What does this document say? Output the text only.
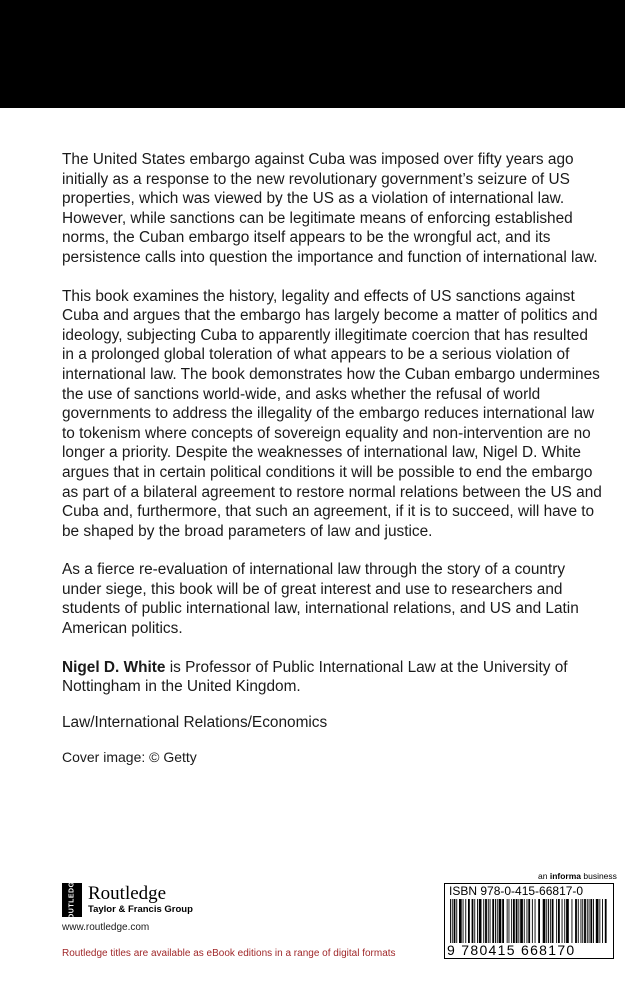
The United States embargo against Cuba was imposed over fifty years ago initially as a response to the new revolutionary government’s seizure of US properties, which was viewed by the US as a violation of international law. However, while sanctions can be legitimate means of enforcing established norms, the Cuban embargo itself appears to be the wrongful act, and its persistence calls into question the importance and function of international law.

This book examines the history, legality and effects of US sanctions against Cuba and argues that the embargo has largely become a matter of politics and ideology, subjecting Cuba to apparently illegitimate coercion that has resulted in a prolonged global toleration of what appears to be a serious violation of international law. The book demonstrates how the Cuban embargo undermines the use of sanctions world-wide, and asks whether the refusal of world governments to address the illegality of the embargo reduces international law to tokenism where concepts of sovereign equality and non-intervention are no longer a priority. Despite the weaknesses of international law, Nigel D. White argues that in certain political conditions it will be possible to end the embargo as part of a bilateral agreement to restore normal relations between the US and Cuba and, furthermore, that such an agreement, if it is to succeed, will have to be shaped by the broad parameters of law and justice.

As a fierce re-evaluation of international law through the story of a country under siege, this book will be of great interest and use to researchers and students of public international law, international relations, and US and Latin American politics.

Nigel D. White is Professor of Public International Law at the University of Nottingham in the United Kingdom.

Law/International Relations/Economics

Cover image: © Getty

ROUTLEDGE Routledge
Taylor & Francis Group
www.routledge.com
Routledge titles are available as eBook editions in a range of digital formats
an informa business
ISBN 978-0-415-66817-0
9 780415 668170
